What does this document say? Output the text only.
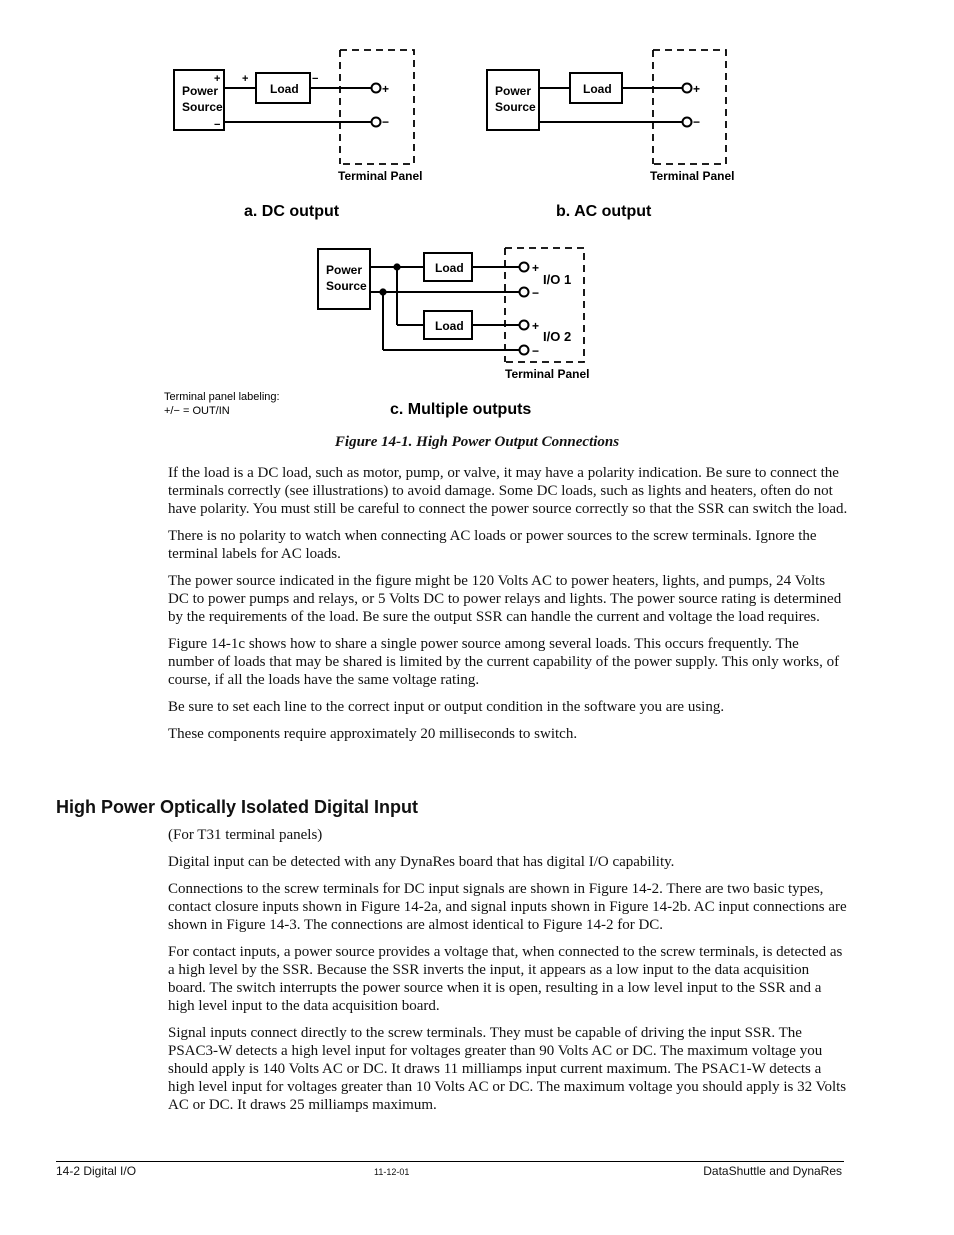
Power
Source
+
−
+	−
Load	+
−
Terminal Panel
a. DC output
Power
Source
Load	+
−
Terminal Panel
b. AC output
Power
Source
Load
Load
+
−
+
−
I/O 1
I/O 2
Terminal Panel
c. Multiple outputs
Terminal panel labeling:
+/− = OUT/IN
Figure 14-1. High Power Output Connections

If the load is a DC load, such as motor, pump, or valve, it may have a polarity indication. Be sure to connect the terminals correctly (see illustrations) to avoid damage. Some DC loads, such as lights and heaters, often do not have polarity. You must still be careful to connect the power source correctly so that the SSR can switch the load.

There is no polarity to watch when connecting AC loads or power sources to the screw terminals. Ignore the terminal labels for AC loads.

The power source indicated in the figure might be 120 Volts AC to power heaters, lights, and pumps, 24 Volts DC to power pumps and relays, or 5 Volts DC to power relays and lights. The power source rating is determined by the requirements of the load. Be sure the output SSR can handle the current and voltage the load requires.

Figure 14-1c shows how to share a single power source among several loads. This occurs frequently. The number of loads that may be shared is limited by the current capability of the power supply. This only works, of course, if all the loads have the same voltage rating.

Be sure to set each line to the correct input or output condition in the software you are using.

These components require approximately 20 milliseconds to switch.

High Power Optically Isolated Digital Input

(For T31 terminal panels)

Digital input can be detected with any DynaRes board that has digital I/O capability.

Connections to the screw terminals for DC input signals are shown in Figure 14-2. There are two basic types, contact closure inputs shown in Figure 14-2a, and signal inputs shown in Figure 14-2b. AC input connections are shown in Figure 14-3. The connections are almost identical to Figure 14-2 for DC.

For contact inputs, a power source provides a voltage that, when connected to the screw terminals, is detected as a high level by the SSR. Because the SSR inverts the input, it appears as a low input to the data acquisition board. The switch interrupts the power source when it is open, resulting in a low level input to the SSR and a high level input to the data acquisition board.

Signal inputs connect directly to the screw terminals. They must be capable of driving the input SSR. The PSAC3-W detects a high level input for voltages greater than 90 Volts AC or DC. The maximum voltage you should apply is 140 Volts AC or DC. It draws 11 milliamps input current maximum. The PSAC1-W detects a high level input for voltages greater than 10 Volts AC or DC. The maximum voltage you should apply is 32 Volts AC or DC. It draws 25 milliamps maximum.

14-2 Digital I/O	11-12-01	DataShuttle and DynaRes
